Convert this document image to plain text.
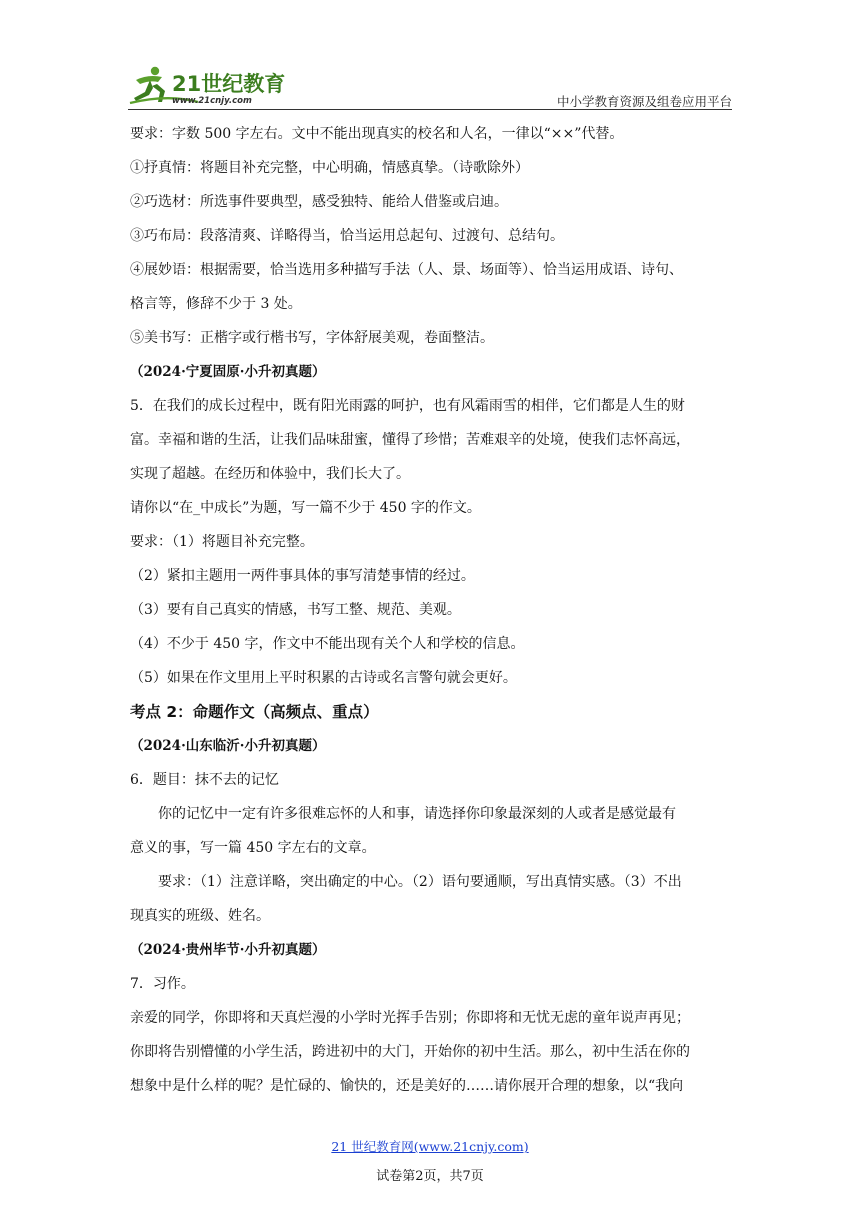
21世纪教育
www.21cnjy.com	中小学教育资源及组卷应用平台

要求：字数 500 字左右。文中不能出现真实的校名和人名，一律以“××”代替。

①抒真情：将题目补充完整，中心明确，情感真挚。（诗歌除外）

②巧选材：所选事件要典型，感受独特、能给人借鉴或启迪。

③巧布局：段落清爽、详略得当，恰当运用总起句、过渡句、总结句。

④展妙语：根据需要，恰当选用多种描写手法（人、景、场面等）、恰当运用成语、诗句、

格言等，修辞不少于 3 处。

⑤美书写：正楷字或行楷书写，字体舒展美观，卷面整洁。

（2024·宁夏固原·小升初真题）

5．在我们的成长过程中，既有阳光雨露的呵护，也有风霜雨雪的相伴，它们都是人生的财

富。幸福和谐的生活，让我们品味甜蜜，懂得了珍惜；苦难艰辛的处境，使我们志怀高远，

实现了超越。在经历和体验中，我们长大了。

请你以“在_中成长”为题，写一篇不少于 450 字的作文。

要求：（1）将题目补充完整。

（2）紧扣主题用一两件事具体的事写清楚事情的经过。

（3）要有自己真实的情感，书写工整、规范、美观。

（4）不少于 450 字，作文中不能出现有关个人和学校的信息。

（5）如果在作文里用上平时积累的古诗或名言警句就会更好。

考点 2：命题作文（高频点、重点）

（2024·山东临沂·小升初真题）

6．题目：抹不去的记忆

你的记忆中一定有许多很难忘怀的人和事，请选择你印象最深刻的人或者是感觉最有

意义的事，写一篇 450 字左右的文章。

要求：（1）注意详略，突出确定的中心。（2）语句要通顺，写出真情实感。（3）不出

现真实的班级、姓名。

（2024·贵州毕节·小升初真题）

7．习作。

亲爱的同学，你即将和天真烂漫的小学时光挥手告别；你即将和无忧无虑的童年说声再见；

你即将告别懵懂的小学生活，跨进初中的大门，开始你的初中生活。那么，初中生活在你的

想象中是什么样的呢？是忙碌的、愉快的，还是美好的……请你展开合理的想象，以“我向

21 世纪教育网(www.21cnjy.com)
试卷第2页，共7页
